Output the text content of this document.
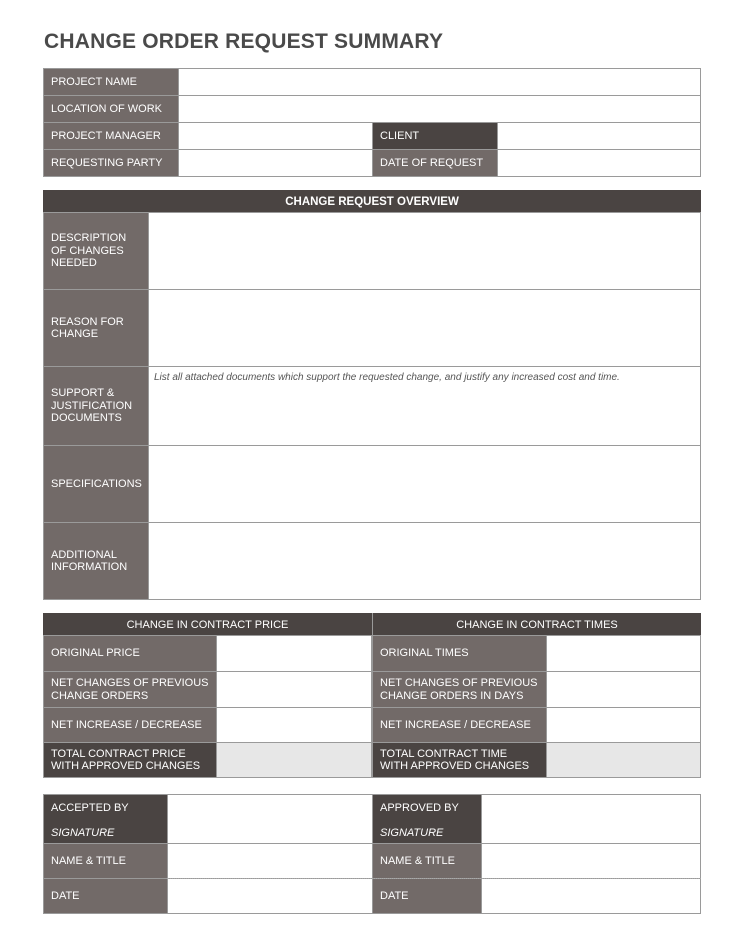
CHANGE ORDER REQUEST SUMMARY
PROJECT NAME
LOCATION OF WORK
PROJECT MANAGER	CLIENT
REQUESTING PARTY	DATE OF REQUEST
CHANGE REQUEST OVERVIEW
DESCRIPTION OF CHANGES NEEDED
REASON FOR CHANGE
SUPPORT & JUSTIFICATION DOCUMENTS
List all attached documents which support the requested change, and justify any increased cost and time.
SPECIFICATIONS
ADDITIONAL INFORMATION
CHANGE IN CONTRACT PRICE
ORIGINAL PRICE
NET CHANGES OF PREVIOUS CHANGE ORDERS
NET INCREASE / DECREASE
TOTAL CONTRACT PRICE WITH APPROVED CHANGES
CHANGE IN CONTRACT TIMES
ORIGINAL TIMES
NET CHANGES OF PREVIOUS CHANGE ORDERS IN DAYS
NET INCREASE / DECREASE
TOTAL CONTRACT TIME WITH APPROVED CHANGES
ACCEPTED BY
SIGNATURE
NAME & TITLE
DATE
APPROVED BY
SIGNATURE
NAME & TITLE
DATE
